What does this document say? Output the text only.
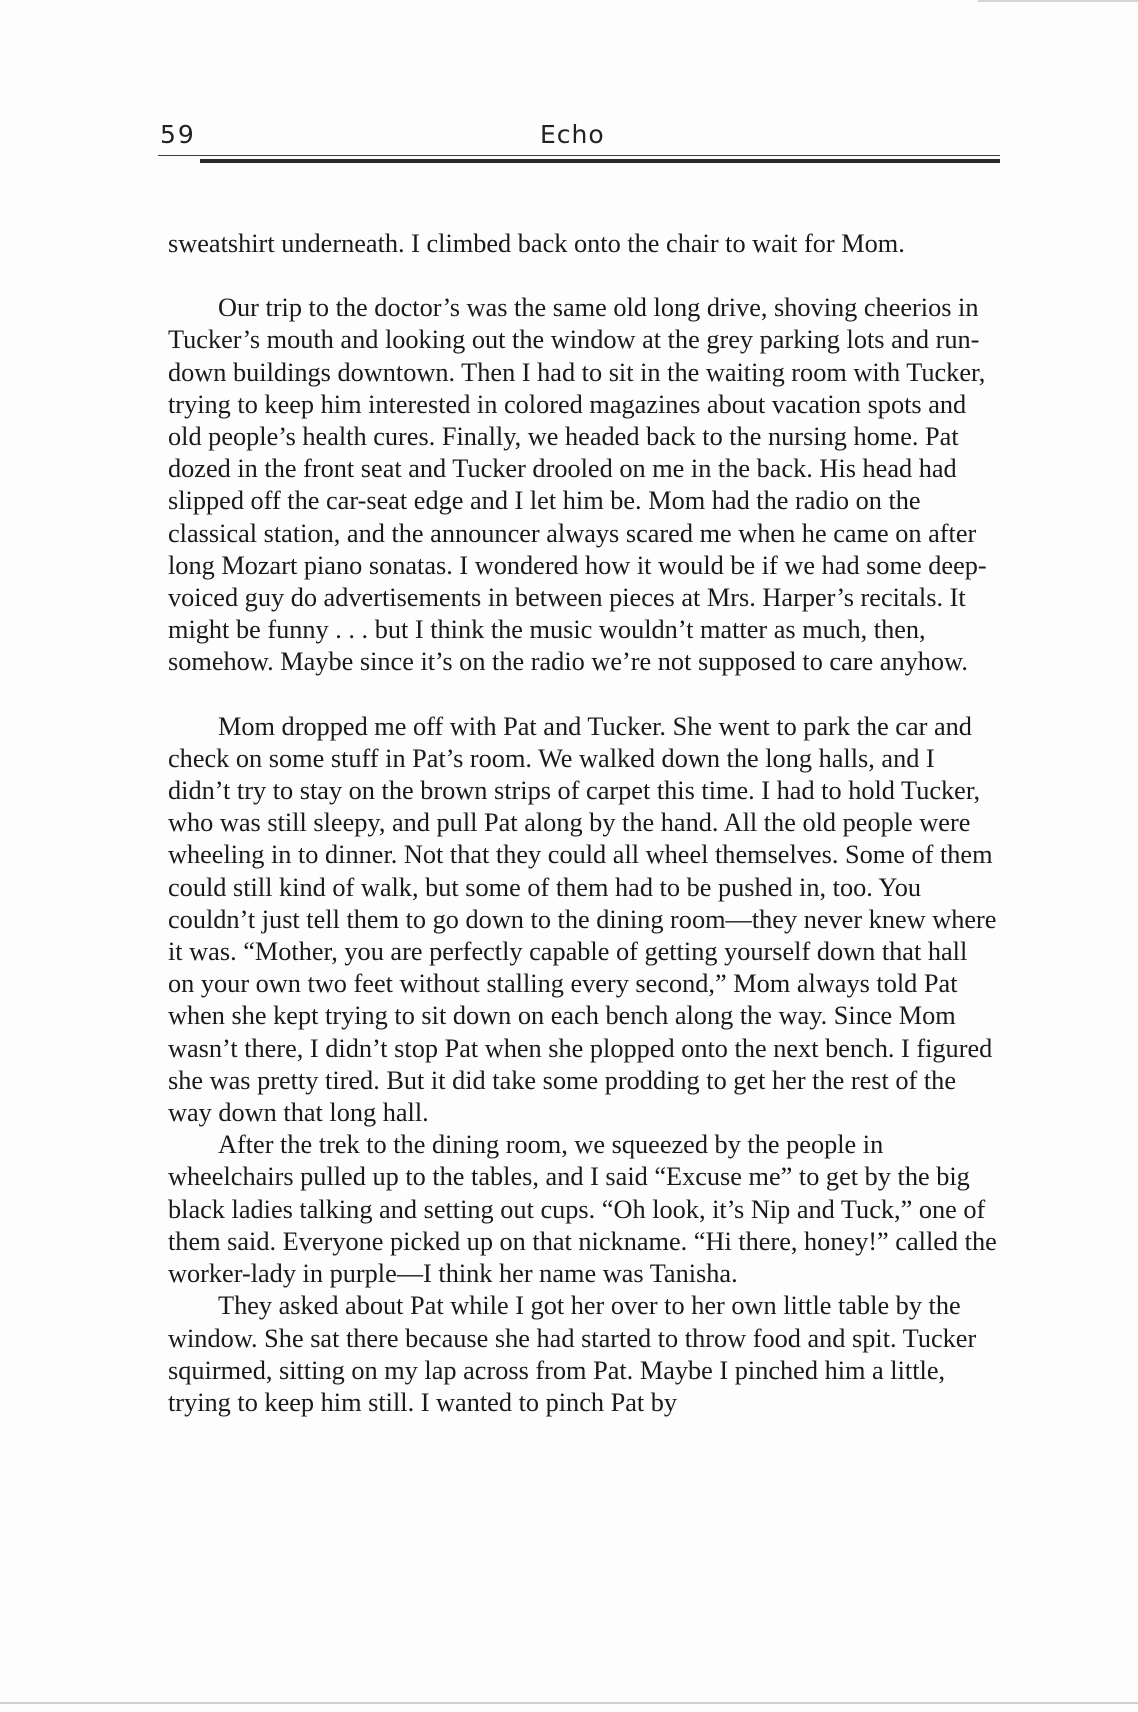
59	Echo

sweatshirt underneath. I climbed back onto the chair to wait for Mom.

Our trip to the doctor’s was the same old long drive, shoving cheerios in Tucker’s mouth and looking out the window at the grey parking lots and run-down buildings downtown. Then I had to sit in the waiting room with Tucker, trying to keep him interested in colored magazines about vacation spots and old people’s health cures. Finally, we headed back to the nursing home. Pat dozed in the front seat and Tucker drooled on me in the back. His head had slipped off the car-seat edge and I let him be. Mom had the radio on the classical station, and the announcer always scared me when he came on after long Mozart piano sonatas. I wondered how it would be if we had some deep-voiced guy do advertisements in between pieces at Mrs. Harper’s recitals. It might be funny . . . but I think the music wouldn’t matter as much, then, somehow. Maybe since it’s on the radio we’re not supposed to care anyhow.

Mom dropped me off with Pat and Tucker. She went to park the car and check on some stuff in Pat’s room. We walked down the long halls, and I didn’t try to stay on the brown strips of carpet this time. I had to hold Tucker, who was still sleepy, and pull Pat along by the hand. All the old people were wheeling in to dinner. Not that they could all wheel themselves. Some of them could still kind of walk, but some of them had to be pushed in, too. You couldn’t just tell them to go down to the dining room—they never knew where it was. “Mother, you are perfectly capable of getting yourself down that hall on your own two feet without stalling every second,” Mom always told Pat when she kept trying to sit down on each bench along the way. Since Mom wasn’t there, I didn’t stop Pat when she plopped onto the next bench. I figured she was pretty tired. But it did take some prodding to get her the rest of the way down that long hall.

After the trek to the dining room, we squeezed by the people in wheelchairs pulled up to the tables, and I said “Excuse me” to get by the big black ladies talking and setting out cups. “Oh look, it’s Nip and Tuck,” one of them said. Everyone picked up on that nickname. “Hi there, honey!” called the worker-lady in purple—I think her name was Tanisha.

They asked about Pat while I got her over to her own little table by the window. She sat there because she had started to throw food and spit. Tucker squirmed, sitting on my lap across from Pat. Maybe I pinched him a little, trying to keep him still. I wanted to pinch Pat by
